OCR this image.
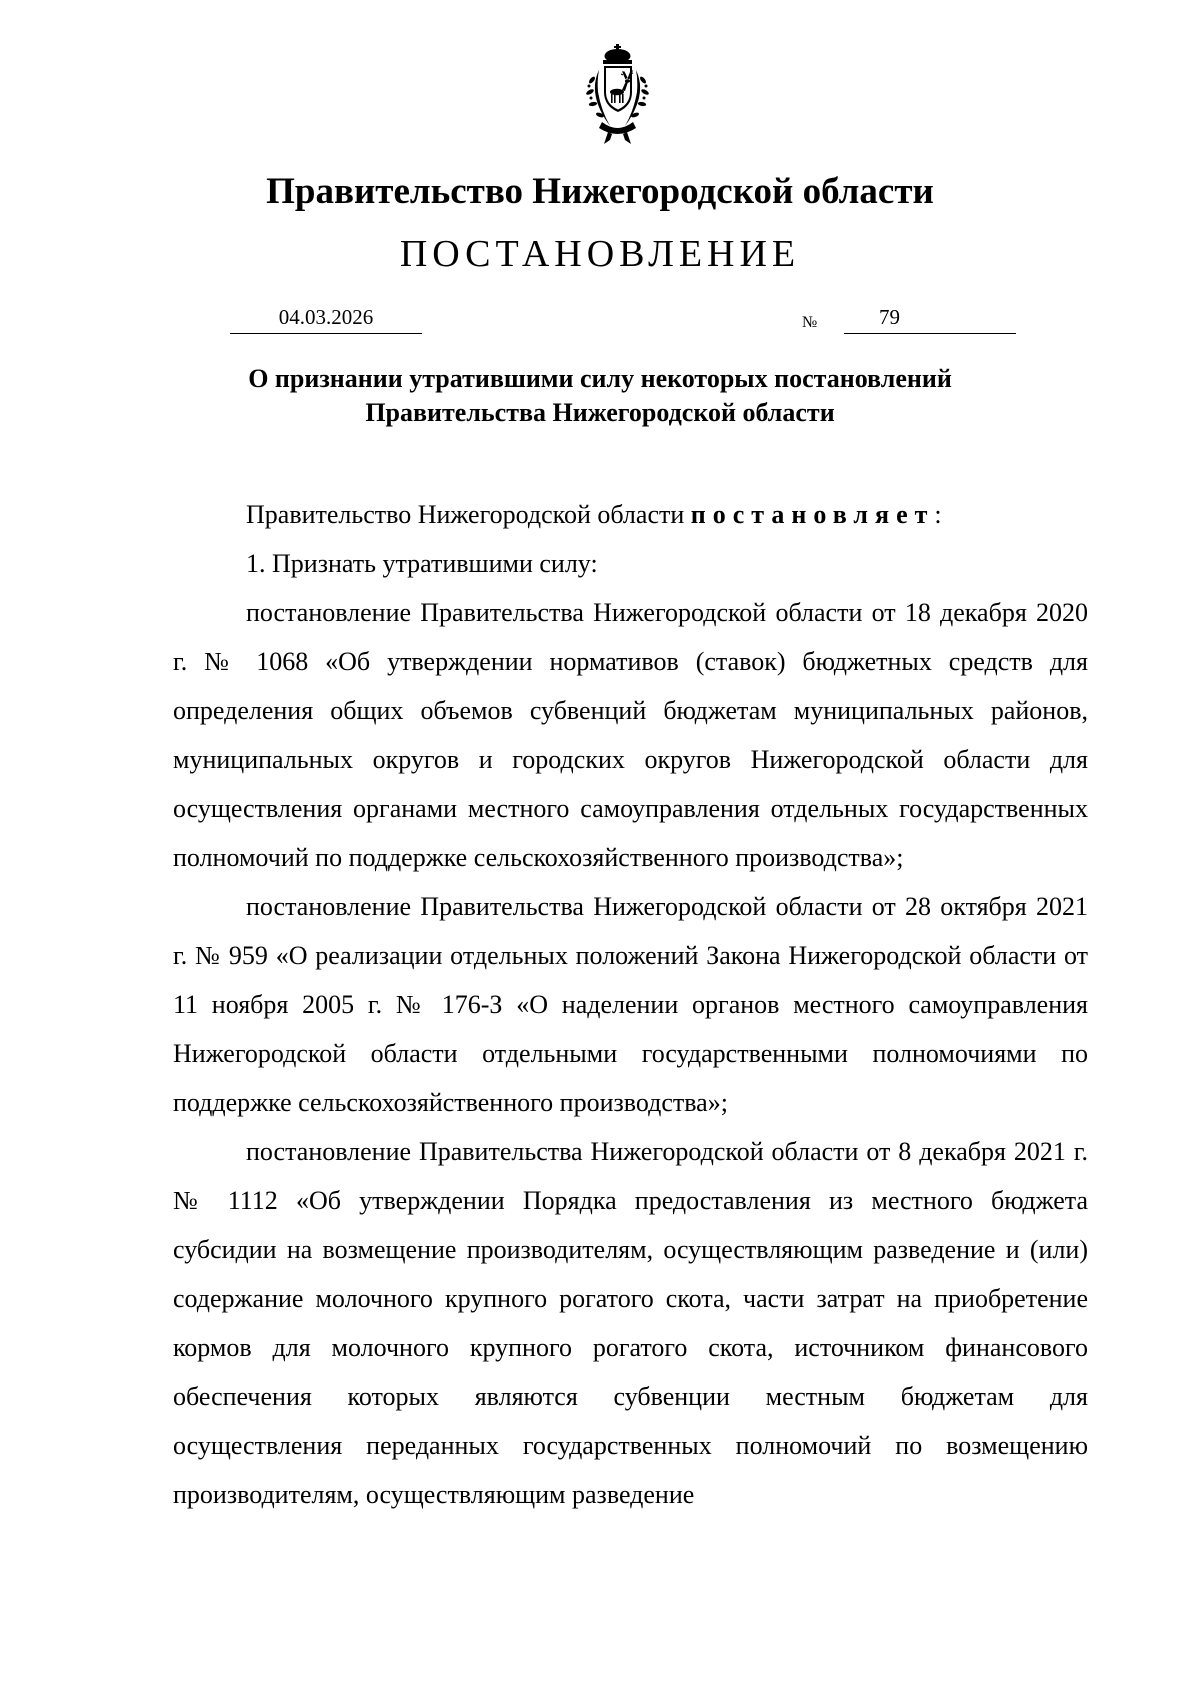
Правительство Нижегородской области
ПОСТАНОВЛЕНИЕ
04.03.2026	№	79
О признании утратившими силу некоторых постановлений
Правительства Нижегородской области

Правительство Нижегородской области постановляет:

1. Признать утратившими силу:

постановление Правительства Нижегородской области от 18 декабря 2020 г. № 1068 «Об утверждении нормативов (ставок) бюджетных средств для определения общих объемов субвенций бюджетам муниципальных районов, муниципальных округов и городских округов Нижегородской области для осуществления органами местного самоуправления отдельных государственных полномочий по поддержке сельскохозяйственного производства»;

постановление Правительства Нижегородской области от 28 октября 2021 г. № 959 «О реализации отдельных положений Закона Нижегородской области от 11 ноября 2005 г. № 176-З «О наделении органов местного самоуправления Нижегородской области отдельными государственными полномочиями по поддержке сельскохозяйственного производства»;

постановление Правительства Нижегородской области от 8 декабря 2021 г. № 1112 «Об утверждении Порядка предоставления из местного бюджета субсидии на возмещение производителям, осуществляющим разведение и (или) содержание молочного крупного рогатого скота, части затрат на приобретение кормов для молочного крупного рогатого скота, источником финансового обеспечения которых являются субвенции местным бюджетам для осуществления переданных государственных полномочий по возмещению производителям, осуществляющим разведение
